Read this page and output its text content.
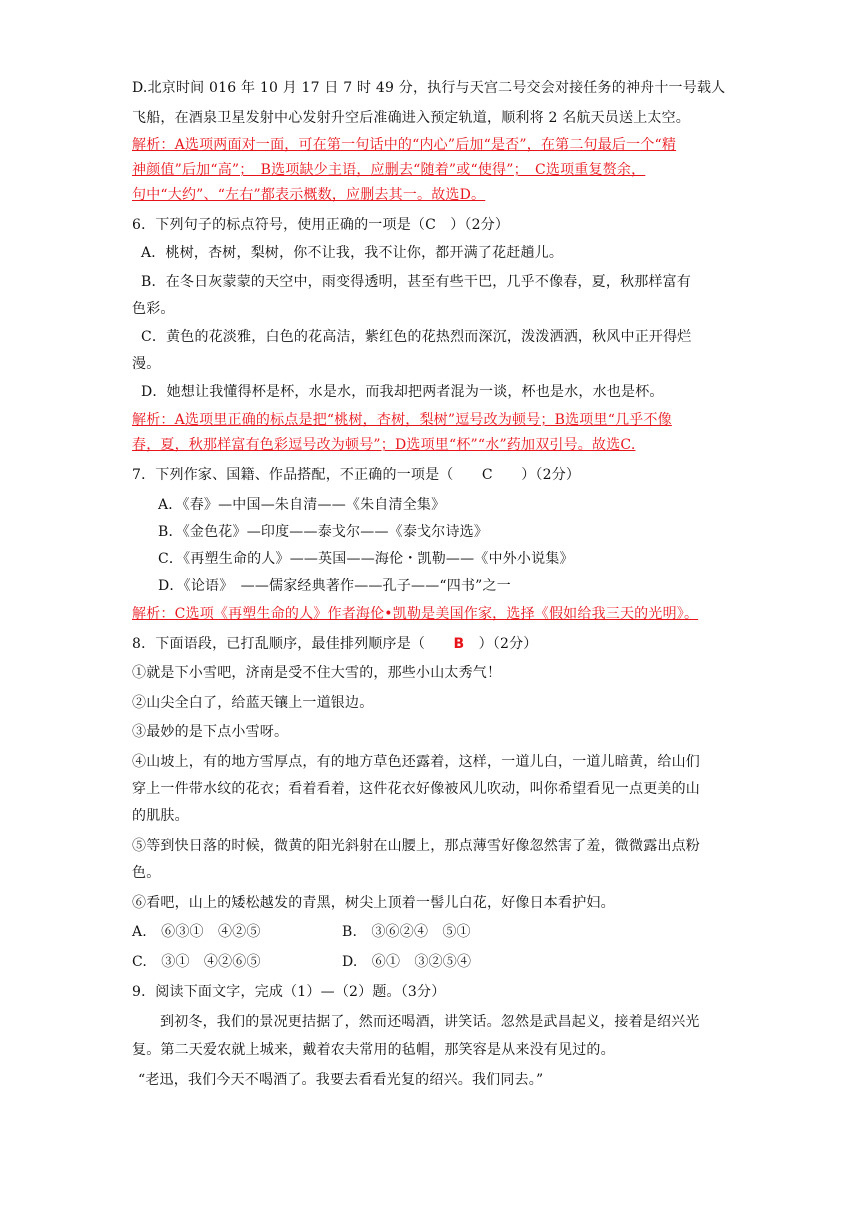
D.北京时间 016 年 10 月 17 日 7 时 49 分，执行与天宫二号交会对接任务的神舟十一号载人
飞船，在酒泉卫星发射中心发射升空后准确进入预定轨道，顺利将 2 名航天员送上太空。
解析：A选项两面对一面，可在第一句话中的“内心”后加“是否”，在第二句最后一个“精
神颜值”后加“高”；　B选项缺少主语，应删去“随着”或“使得”；　C选项重复赘余，
句中“大约”、“左右”都表示概数，应删去其一。故选D。
6．下列句子的标点符号，使用正确的一项是（C　）（2分）
A．桃树，杏树，梨树，你不让我，我不让你，都开满了花赶趟儿。
B．在冬日灰蒙蒙的天空中，雨变得透明，甚至有些干巴，几乎不像春，夏，秋那样富有
色彩。
C．黄色的花淡雅，白色的花高洁，紫红色的花热烈而深沉，泼泼洒洒，秋风中正开得烂
漫。
D．她想让我懂得杯是杯，水是水，而我却把两者混为一谈，杯也是水，水也是杯。
解析：A选项里正确的标点是把“桃树，杏树，梨树”逗号改为顿号；B选项里“几乎不像
春，夏，秋那样富有色彩逗号改为顿号”；D选项里“杯”“水”药加双引号。故选C.
7．下列作家、国籍、作品搭配，不正确的一项是（　　C　　）（2分）
A．《春》—中国—朱自清——《朱自清全集》
B．《金色花》—印度——泰戈尔——《泰戈尔诗选》
C．《再塑生命的人》——英国——海伦・凯勒——《中外小说集》
D．《论语》　——儒家经典著作——孔子——“四书”之一
解析：C选项《再塑生命的人》作者海伦•凯勒是美国作家，选择《假如给我三天的光明》。
8．下面语段，已打乱顺序，最佳排列顺序是（　　B　）（2分）
①就是下小雪吧，济南是受不住大雪的，那些小山太秀气！
②山尖全白了，给蓝天镶上一道银边。
③最妙的是下点小雪呀。
④山坡上，有的地方雪厚点，有的地方草色还露着，这样，一道儿白，一道儿暗黄，给山们
穿上一件带水纹的花衣；看着看着，这件花衣好像被风儿吹动，叫你希望看见一点更美的山
的肌肤。
⑤等到快日落的时候，微黄的阳光斜射在山腰上，那点薄雪好像忽然害了羞，微微露出点粉
色。
⑥看吧，山上的矮松越发的青黑，树尖上顶着一髻儿白花，好像日本看护妇。
A.　⑥③①　④②⑤	B.　③⑥②④　⑤①
C.　③①　④②⑥⑤	D.　⑥①　③②⑤④
9．阅读下面文字，完成（1）—（2）题。（3分）
到初冬，我们的景况更拮据了，然而还喝酒，讲笑话。忽然是武昌起义，接着是绍兴光
复。第二天爱农就上城来，戴着农夫常用的毡帽，那笑容是从来没有见过的。
“老迅，我们今天不喝酒了。我要去看看光复的绍兴。我们同去。”
